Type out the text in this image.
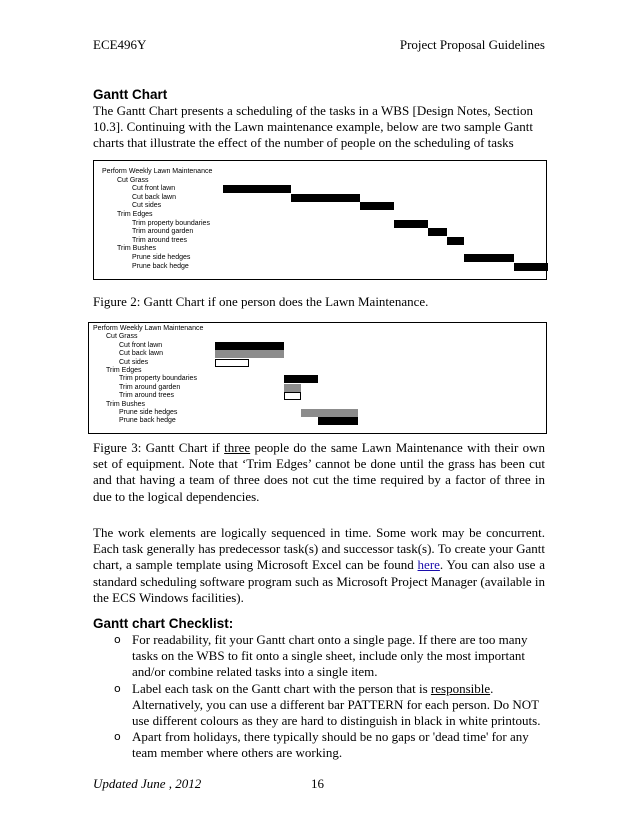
ECE496Y	Project Proposal Guidelines
Gantt Chart
The Gantt Chart presents a scheduling of the tasks in a WBS [Design Notes, Section 10.3]. Continuing with the Lawn maintenance example, below are two sample Gantt charts that illustrate the effect of the number of people on the scheduling of tasks
Perform Weekly Lawn Maintenance
Cut Grass
Cut front lawn
Cut back lawn
Cut sides
Trim Edges
Trim property boundaries
Trim around garden
Trim around trees
Trim Bushes
Prune side hedges
Prune back hedge
Figure 2: Gantt Chart if one person does the Lawn Maintenance.
Perform Weekly Lawn Maintenance
Cut Grass
Cut front lawn
Cut back lawn
Cut sides
Trim Edges
Trim property boundaries
Trim around garden
Trim around trees
Trim Bushes
Prune side hedges
Prune back hedge
Figure 3: Gantt Chart if three people do the same Lawn Maintenance with their own set of equipment. Note that ‘Trim Edges’ cannot be done until the grass has been cut and that having a team of three does not cut the time required by a factor of three in due to the logical dependencies.
The work elements are logically sequenced in time. Some work may be concurrent. Each task generally has predecessor task(s) and successor task(s). To create your Gantt chart, a sample template using Microsoft Excel can be found here. You can also use a standard scheduling software program such as Microsoft Project Manager (available in the ECS Windows facilities).
Gantt chart Checklist:
o For readability, fit your Gantt chart onto a single page. If there are too many tasks on the WBS to fit onto a single sheet, include only the most important and/or combine related tasks into a single item.
o Label each task on the Gantt chart with the person that is responsible. Alternatively, you can use a different bar PATTERN for each person. Do NOT use different colours as they are hard to distinguish in black in white printouts.
o Apart from holidays, there typically should be no gaps or 'dead time' for any team member where others are working.
Updated June , 2012	16
